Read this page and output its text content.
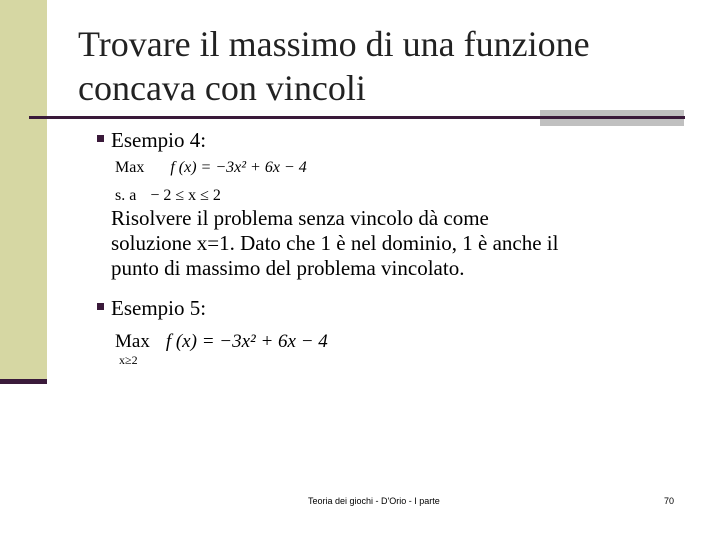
Trovare il massimo di una funzione
concava con vincoli
Esempio 4:
Max f (x) = −3x² + 6x − 4
s. a − 2 ≤ x ≤ 2
Risolvere il problema senza vincolo dà come
soluzione x=1. Dato che 1 è nel dominio, 1 è anche il
punto di massimo del problema vincolato.
Esempio 5:
Max f (x) = −3x² + 6x − 4
x≥2
Teoria dei giochi - D'Orio - I parte	70
